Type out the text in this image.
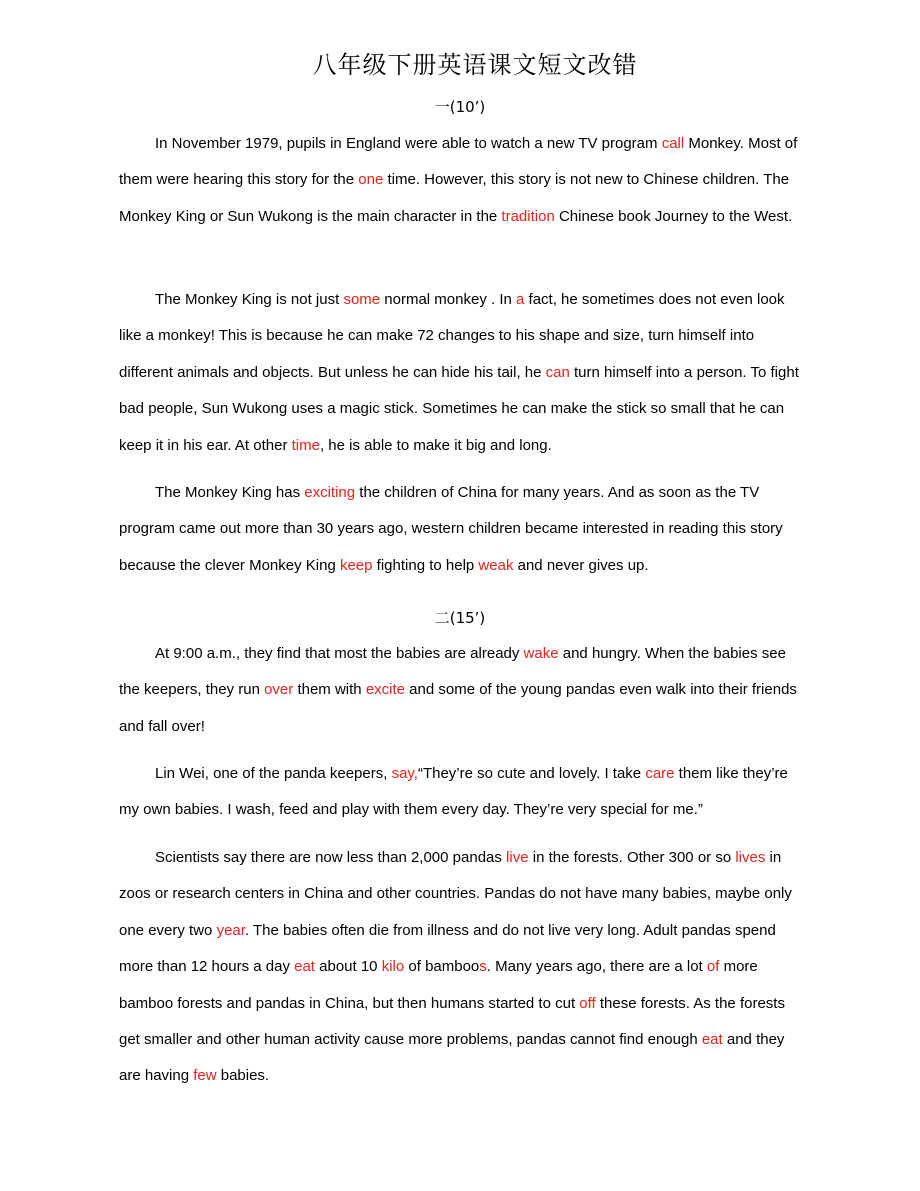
八年级下册英语课文短文改错
一(10’)

In November 1979, pupils in England were able to watch a new TV program call Monkey. Most of them were hearing this story for the one time. However, this story is not new to Chinese children. The Monkey King or Sun Wukong is the main character in the tradition Chinese book Journey to the West.

The Monkey King is not just some normal monkey . In a fact, he sometimes does not even look like a monkey! This is because he can make 72 changes to his shape and size, turn himself into different animals and objects. But unless he can hide his tail, he can turn himself into a person. To fight bad people, Sun Wukong uses a magic stick. Sometimes he can make the stick so small that he can keep it in his ear. At other time, he is able to make it big and long.

The Monkey King has exciting the children of China for many years. And as soon as the TV program came out more than 30 years ago, western children became interested in reading this story because the clever Monkey King keep fighting to help weak and never gives up.

二(15’)

At 9:00 a.m., they find that most the babies are already wake and hungry. When the babies see the keepers, they run over them with excite and some of the young pandas even walk into their friends and fall over!

Lin Wei, one of the panda keepers, say,“They’re so cute and lovely. I take care them like they’re my own babies. I wash, feed and play with them every day. They’re very special for me.”

Scientists say there are now less than 2,000 pandas live in the forests. Other 300 or so lives in zoos or research centers in China and other countries. Pandas do not have many babies, maybe only one every two year. The babies often die from illness and do not live very long. Adult pandas spend more than 12 hours a day eat about 10 kilo of bamboos. Many years ago, there are a lot of more bamboo forests and pandas in China, but then humans started to cut off these forests. As the forests get smaller and other human activity cause more problems, pandas cannot find enough eat and they are having few babies.
